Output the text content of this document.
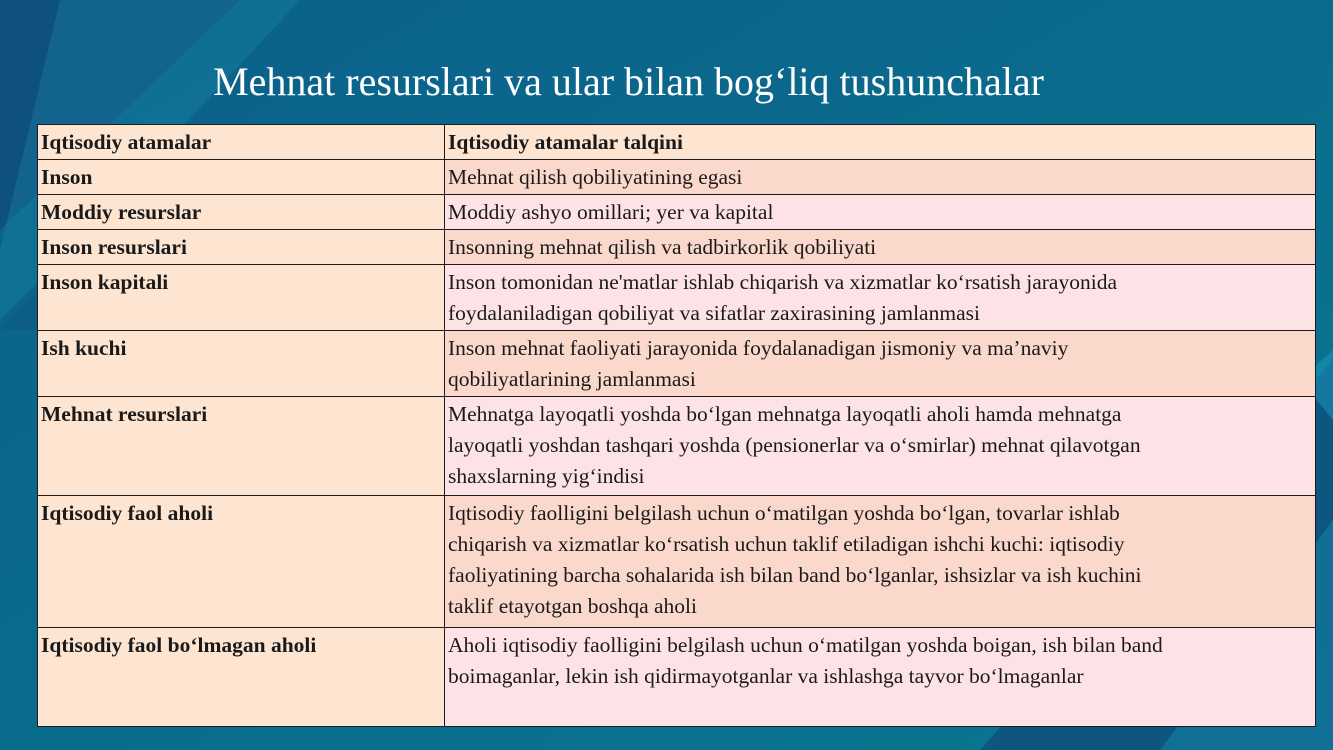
Mehnat resurslari va ular bilan bog‘liq tushunchalar
Iqtisodiy atamalar	Iqtisodiy atamalar talqini
Inson	Mehnat qilish qobiliyatining egasi

Moddiy resurslar	Moddiy ashyo omillari; yer va kapital

Inson resurslari	Insonning mehnat qilish va tadbirkorlik qobiliyati

Inson kapitali	Inson tomonidan ne'matlar ishlab chiqarish va xizmatlar ko‘rsatish jarayonida
foydalaniladigan qobiliyat va sifatlar zaxirasining jamlanmasi

Ish kuchi	Inson mehnat faoliyati jarayonida foydalanadigan jismoniy va ma’naviy
qobiliyatlarining jamlanmasi

Mehnat resurslari	Mehnatga layoqatli yoshda bo‘lgan mehnatga layoqatli aholi hamda mehnatga
layoqatli yoshdan tashqari yoshda (pensionerlar va o‘smirlar) mehnat qilavotgan
shaxslarning yig‘indisi

Iqtisodiy faol aholi	Iqtisodiy faolligini belgilash uchun o‘matilgan yoshda bo‘lgan, tovarlar ishlab
chiqarish va xizmatlar ko‘rsatish uchun taklif etiladigan ishchi kuchi: iqtisodiy
faoliyatining barcha sohalarida ish bilan band bo‘lganlar, ishsizlar va ish kuchini
taklif etayotgan boshqa aholi

Iqtisodiy faol bo‘lmagan aholi	Aholi iqtisodiy faolligini belgilash uchun o‘matilgan yoshda boigan, ish bilan band
boimaganlar, lekin ish qidirmayotganlar va ishlashga tayvor bo‘lmaganlar
